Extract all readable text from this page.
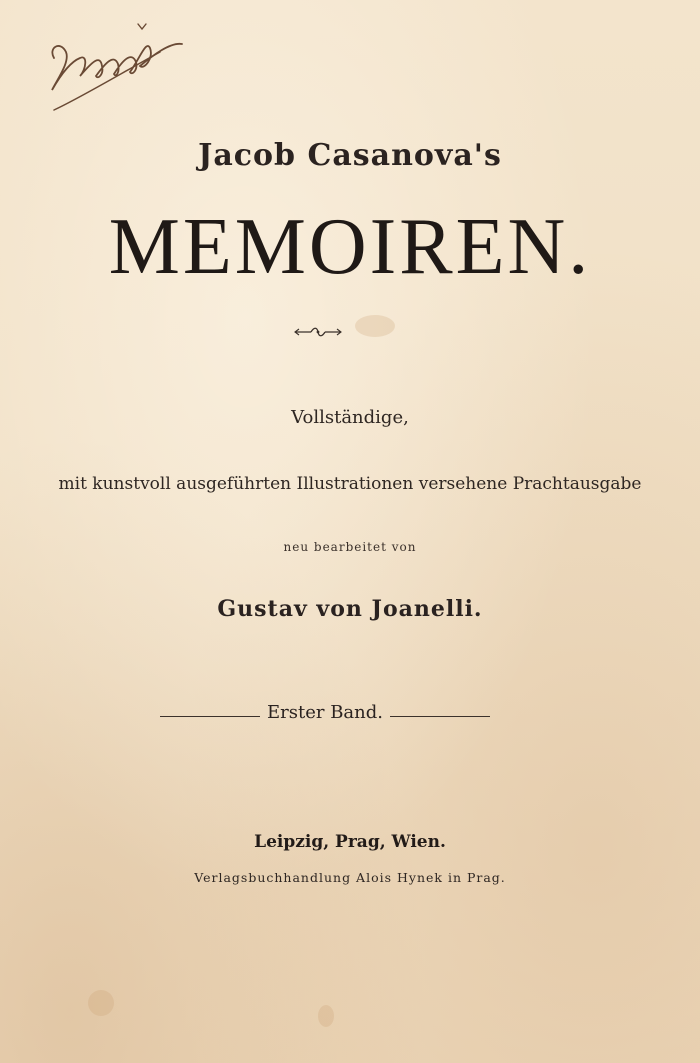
Jacob Casanova's
MEMOIREN.
Vollständige,
mit kunstvoll ausgeführten Illustrationen versehene Prachtausgabe
neu bearbeitet von
Gustav von Joanelli.
Erster Band.
Leipzig, Prag, Wien.
Verlagsbuchhandlung Alois Hynek in Prag.
